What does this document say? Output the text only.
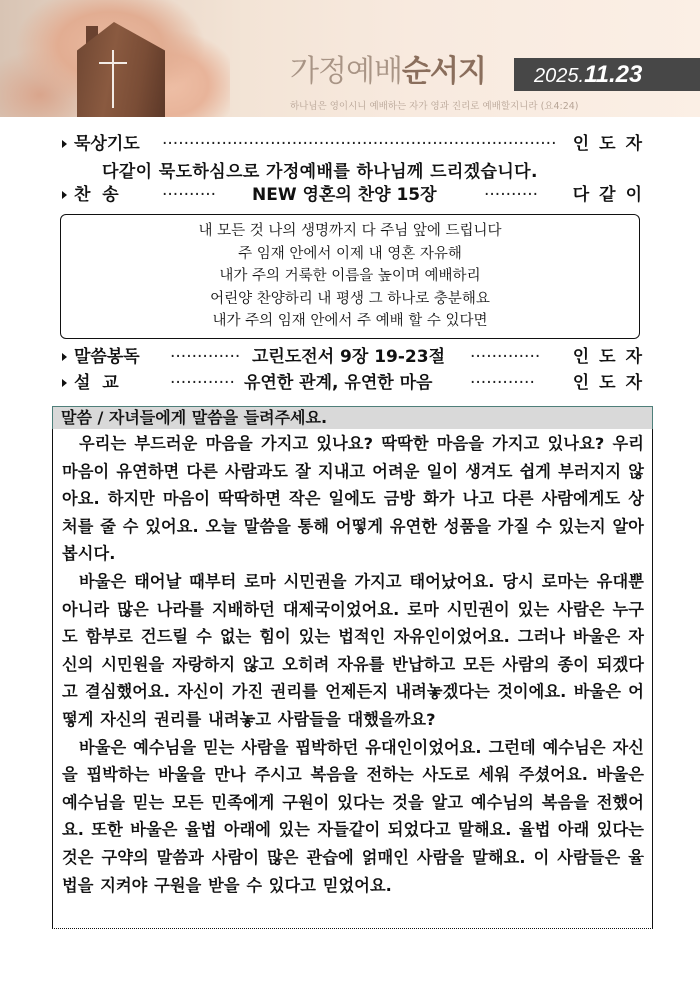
가정예배순서지 2025.11.23
하나님은 영이시니 예배하는 자가 영과 진리로 예배할지니라 (요4:24)
묵상기도 ········································································· 인도자
다같이 묵도하심으로 가정예배를 하나님께 드리겠습니다.
찬  송	·········· NEW 영혼의 찬양 15장	·········· 다같이
내 모든 것 나의 생명까지 다 주님 앞에 드립니다
주 임재 안에서 이제 내 영혼 자유해
내가 주의 거룩한 이름을 높이며 예배하리
어린양 찬양하리 내 평생 그 하나로 충분해요
내가 주의 임재 안에서 주 예배 할 수 있다면
말씀봉독 ············· 고린도전서 9장 19-23절 ············· 인도자
설  교	············ 유연한 관계, 유연한 마음 ············ 인도자
말씀 / 자녀들에게 말씀을 들려주세요.

우리는 부드러운 마음을 가지고 있나요? 딱딱한 마음을 가지고 있나요? 우리 마음이 유연하면 다른 사람과도 잘 지내고 어려운 일이 생겨도 쉽게 부러지지 않아요. 하지만 마음이 딱딱하면 작은 일에도 금방 화가 나고 다른 사람에게도 상처를 줄 수 있어요. 오늘 말씀을 통해 어떻게 유연한 성품을 가질 수 있는지 알아봅시다.

바울은 태어날 때부터 로마 시민권을 가지고 태어났어요. 당시 로마는 유대뿐 아니라 많은 나라를 지배하던 대제국이었어요. 로마 시민권이 있는 사람은 누구도 함부로 건드릴 수 없는 힘이 있는 법적인 자유인이었어요. 그러나 바울은 자신의 시민원을 자랑하지 않고 오히려 자유를 반납하고 모든 사람의 종이 되겠다고 결심했어요. 자신이 가진 권리를 언제든지 내려놓겠다는 것이에요. 바울은 어떻게 자신의 권리를 내려놓고 사람들을 대했을까요?

바울은 예수님을 믿는 사람을 핍박하던 유대인이었어요. 그런데 예수님은 자신을 핍박하는 바울을 만나 주시고 복음을 전하는 사도로 세워 주셨어요. 바울은 예수님을 믿는 모든 민족에게 구원이 있다는 것을 알고 예수님의 복음을 전했어요. 또한 바울은 율법 아래에 있는 자들같이 되었다고 말해요. 율법 아래 있다는 것은 구약의 말씀과 사람이 많은 관습에 얽매인 사람을 말해요. 이 사람들은 율법을 지켜야 구원을 받을 수 있다고 믿었어요.
